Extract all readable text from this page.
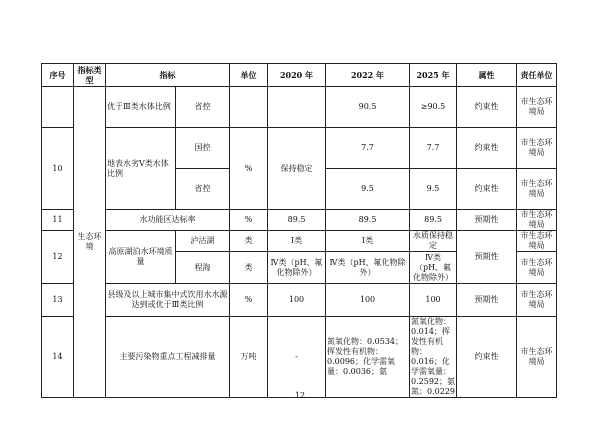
序号	指标类型	指标		单位	2020 年	2022 年	2025 年	属性	责任单位	
	生态环境	优于Ⅲ类水体比例	省控			90.5	≥90.5	约束性	市生态环境局	
10		地表水劣Ⅴ类水体比例	国控	%	保持稳定	7.7	7.7	约束性	市生态环境局	
			省控			9.5	9.5	约束性	市生态环境局	
11		水功能区达标率		%	89.5	89.5	89.5	预期性	市生态环境局	
12		高原湖泊水环境质量	泸沽湖	类	Ⅰ类	Ⅰ类	水质保持稳定	预期性	市生态环境局	
			程海	类	Ⅳ类（pH、氟化物除外）	Ⅳ类（pH、氟化物除外）	Ⅳ类（pH、氟化物除外）		市生态环境局	
13		县级及以上城市集中式饮用水水源达到或优于Ⅲ类比例		%	100	100	100	预期性	市生态环境局	
14		主要污染物重点工程减排量		万吨	-	氮氧化物：0.0534；挥发性有机物：0.0096；化学需氧量：0.0036；氨	氮氧化物：0.014；挥发性有机物：0.016；化学需氧量：0.2592；氨氮：0.0229	约束性	市生态环境局	
12
